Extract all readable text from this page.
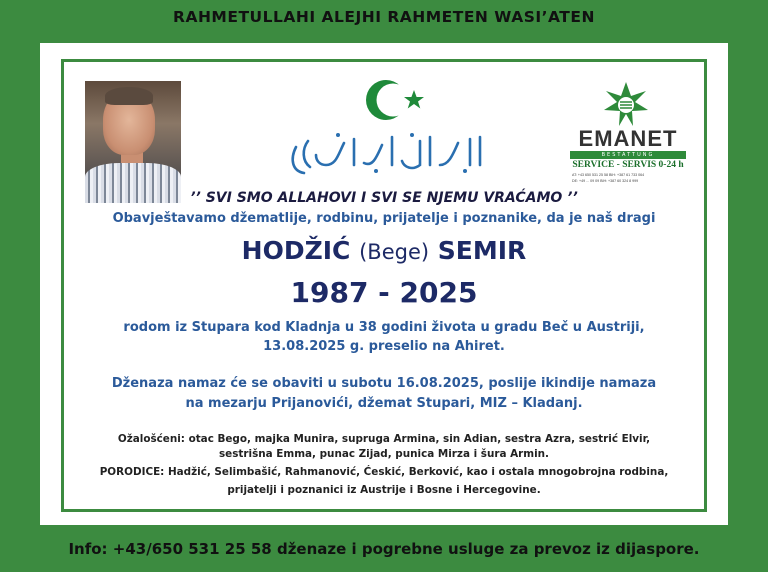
RAHMETULLAHI ALEJHI RAHMETEN WASI’ATEN
EMANET
BESTATTUNG
SERVICE - SERVIS 0-24 h
AT: +43 650 531 25 58 BIH: +387 61 733 064
DE: +49 ... 09 09 BIH: +387 60 324 8 999
’’ SVI SMO ALLAHOVI I SVI SE NJEMU VRAĆAMO ’’
Obavještavamo džematlije, rodbinu, prijatelje i poznanike, da je naš dragi
HODŽIĆ (Bege) SEMIR
1987 - 2025
rodom iz Stupara kod Kladnja u 38 godini života u gradu Beč u Austriji,
13.08.2025 g. preselio na Ahiret.
Dženaza namaz će se obaviti u subotu 16.08.2025, poslije ikindije namaza
na mezarju Prijanovići, džemat Stupari, MIZ – Kladanj.
Ožalošćeni: otac Bego, majka Munira, supruga Armina, sin Adian, sestra Azra, sestrić Elvir,
sestrišna Emma, punac Zijad, punica Mirza i šura Armin.
PORODICE: Hadžić, Selimbašić, Rahmanović, Ćeskić, Berković, kao i ostala mnogobrojna rodbina,
prijatelji i poznanici iz Austrije i Bosne i Hercegovine.
Info: +43/650 531 25 58 dženaze i pogrebne usluge za prevoz iz dijaspore.
